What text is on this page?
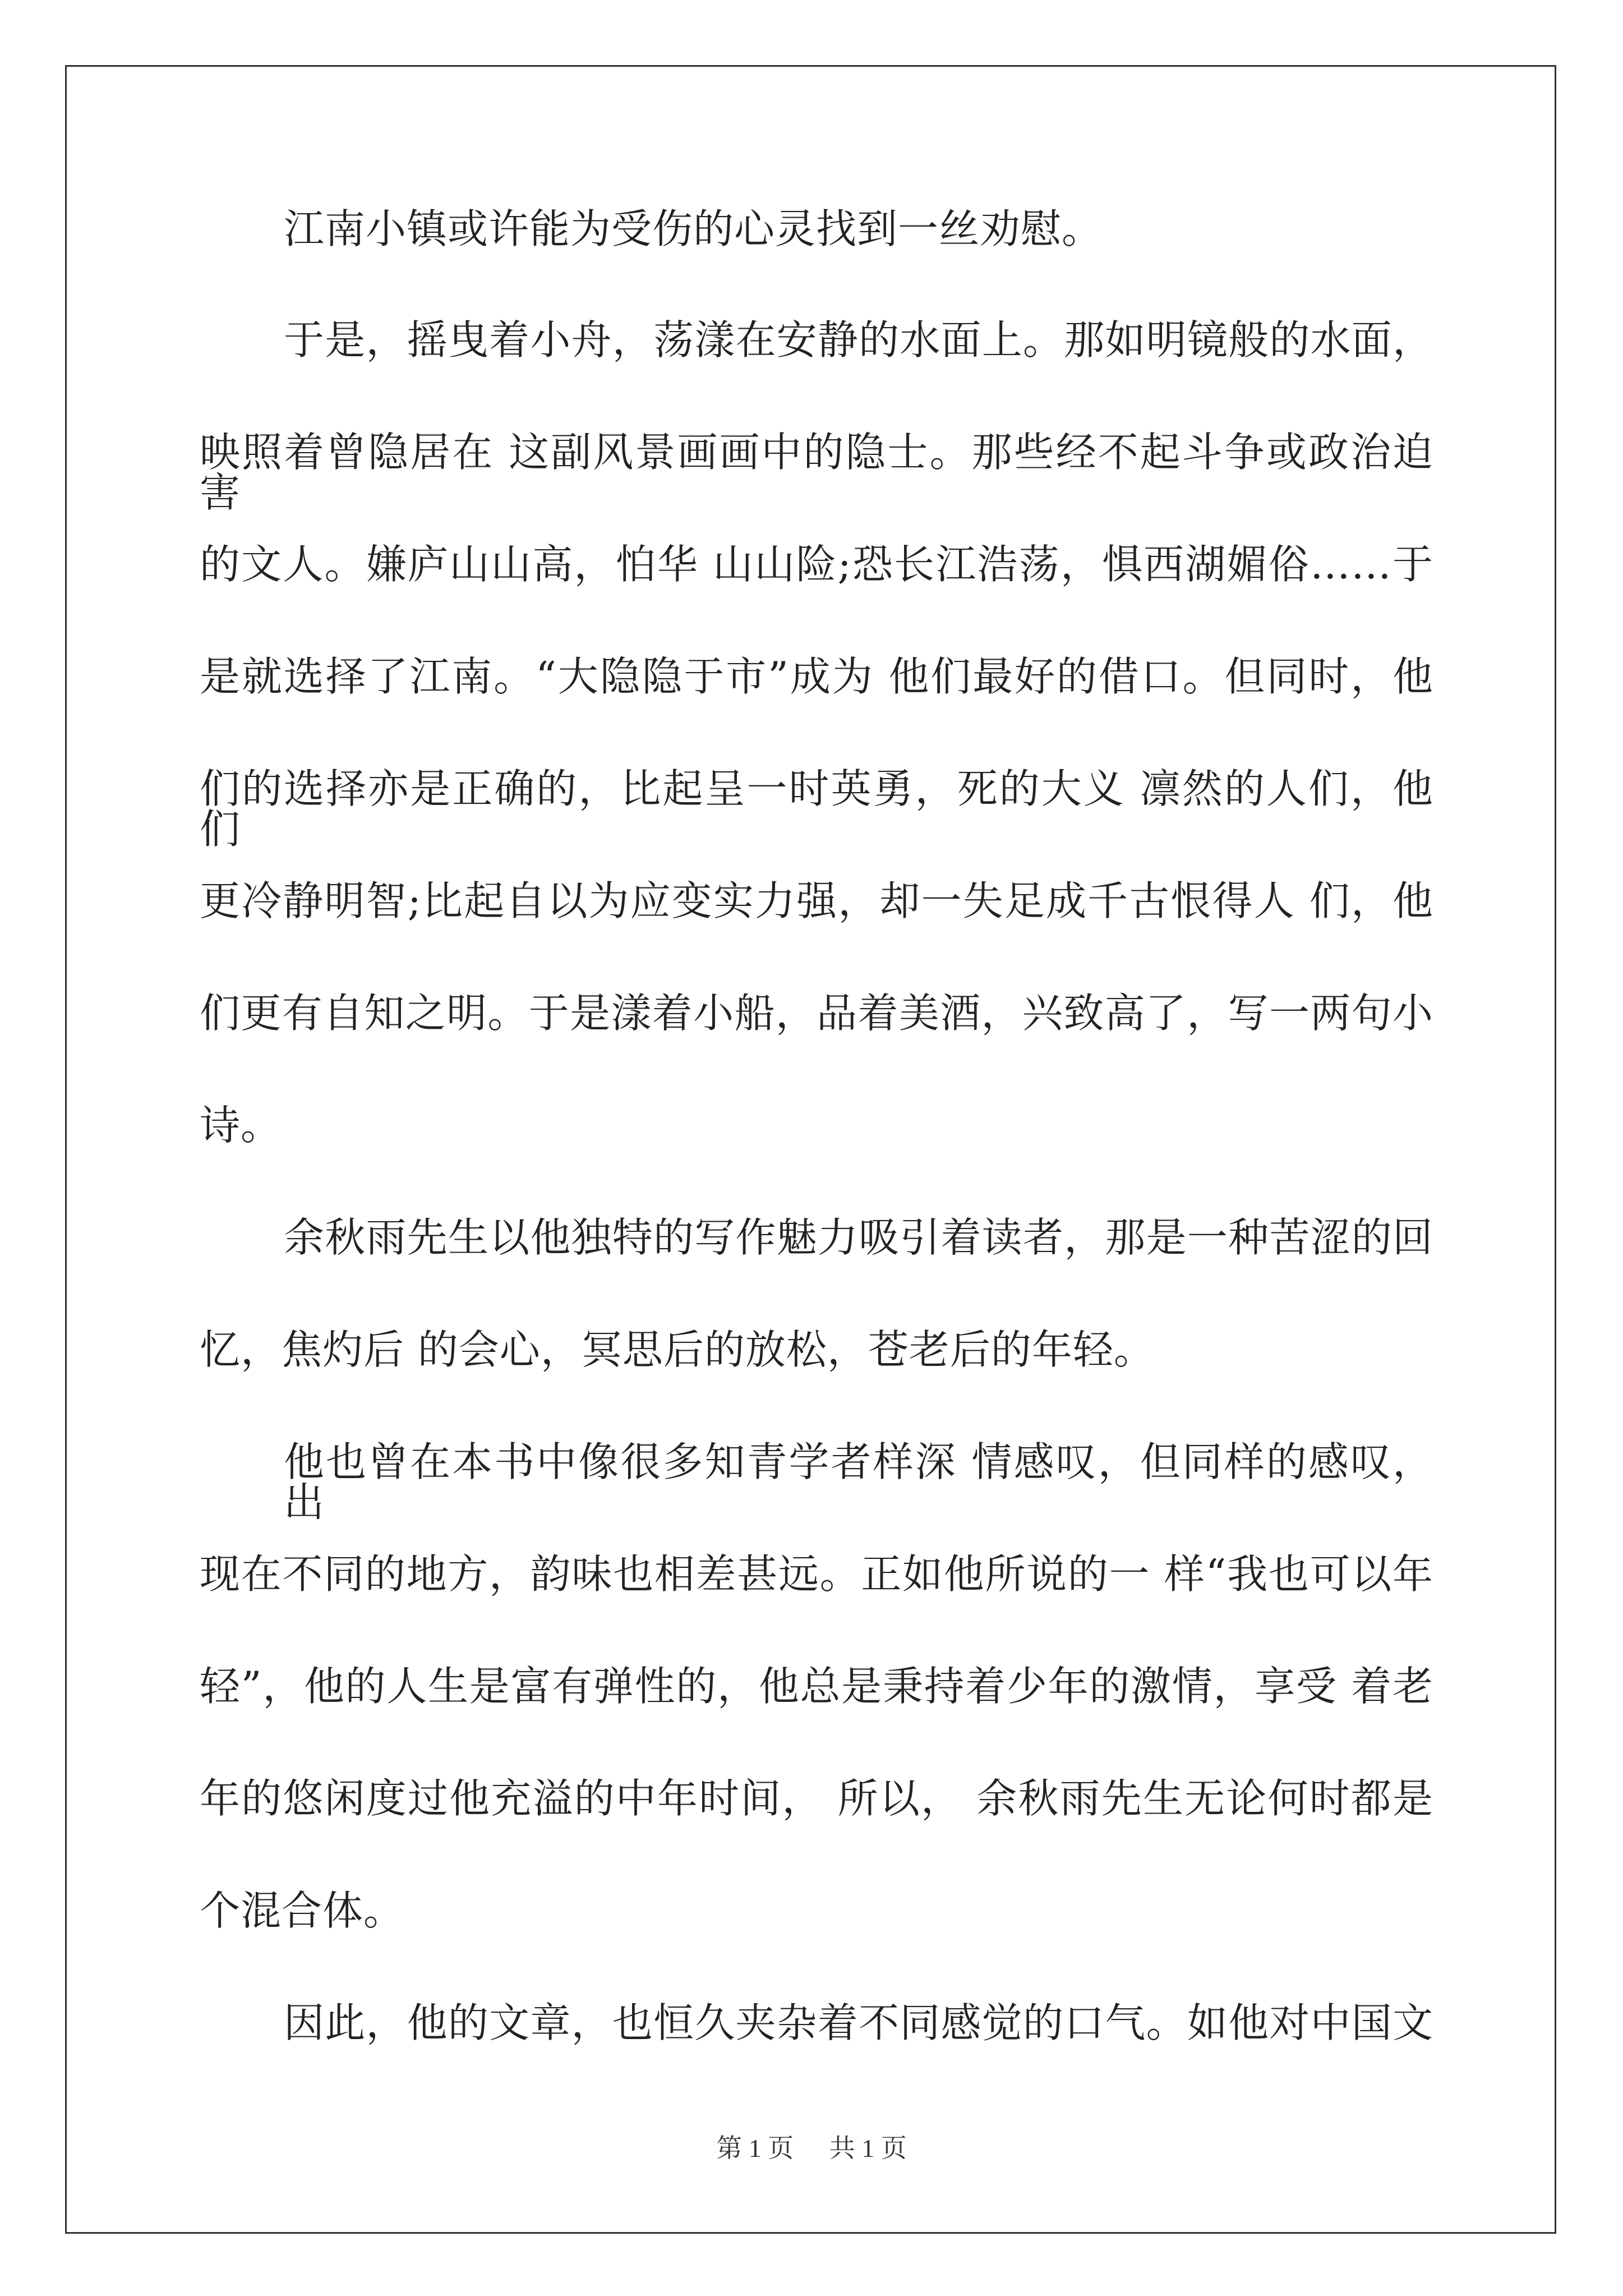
江南小镇或许能为受伤的心灵找到一丝劝慰。
于是，摇曳着小舟，荡漾在安静的水面上。那如明镜般的水面，
映照着曾隐居在 这副风景画画中的隐士。那些经不起斗争或政治迫害
的文人。嫌庐山山高，怕华 山山险;恐长江浩荡，惧西湖媚俗……于
是就选择了江南。“大隐隐于市”成为 他们最好的借口。但同时，他
们的选择亦是正确的，比起呈一时英勇，死的大义 凛然的人们，他们
更冷静明智;比起自以为应变实力强，却一失足成千古恨得人 们，他
们更有自知之明。于是漾着小船，品着美酒，兴致高了，写一两句小
诗。
余秋雨先生以他独特的写作魅力吸引着读者，那是一种苦涩的回
忆，焦灼后 的会心，冥思后的放松，苍老后的年轻。
他也曾在本书中像很多知青学者样深 情感叹，但同样的感叹，出
现在不同的地方，韵味也相差甚远。正如他所说的一 样“我也可以年
轻”，他的人生是富有弹性的，他总是秉持着少年的激情，享受 着老
年的悠闲度过他充溢的中年时间， 所以， 余秋雨先生无论何时都是
个混合体。
因此，他的文章，也恒久夹杂着不同感觉的口气。如他对中国文
第 1 页 共 1 页
